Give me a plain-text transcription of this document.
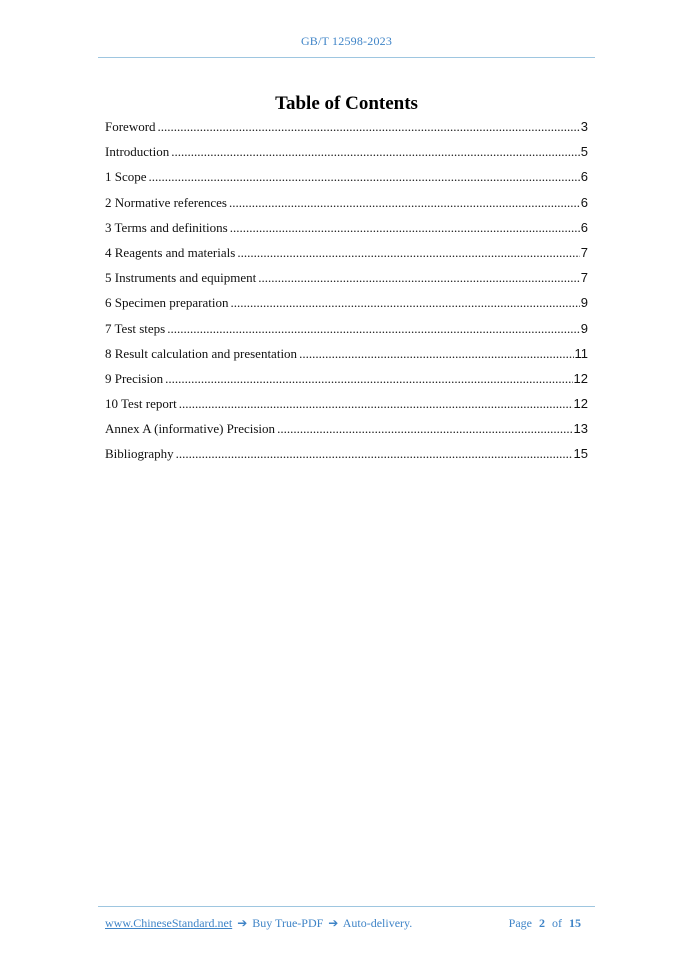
GB/T 12598-2023
Table of Contents
Foreword .....	3
Introduction .....	5
1 Scope .....	6
2 Normative references .....	6
3 Terms and definitions .....	6
4 Reagents and materials .....	7
5 Instruments and equipment .....	7
6 Specimen preparation .....	9
7 Test steps .....	9
8 Result calculation and presentation .....	11
9 Precision .....	12
10 Test report .....	12
Annex A (informative) Precision .....	13
Bibliography .....	15
www.ChineseStandard.net ➔ Buy True-PDF ➔ Auto-delivery.	Page 2 of 15
